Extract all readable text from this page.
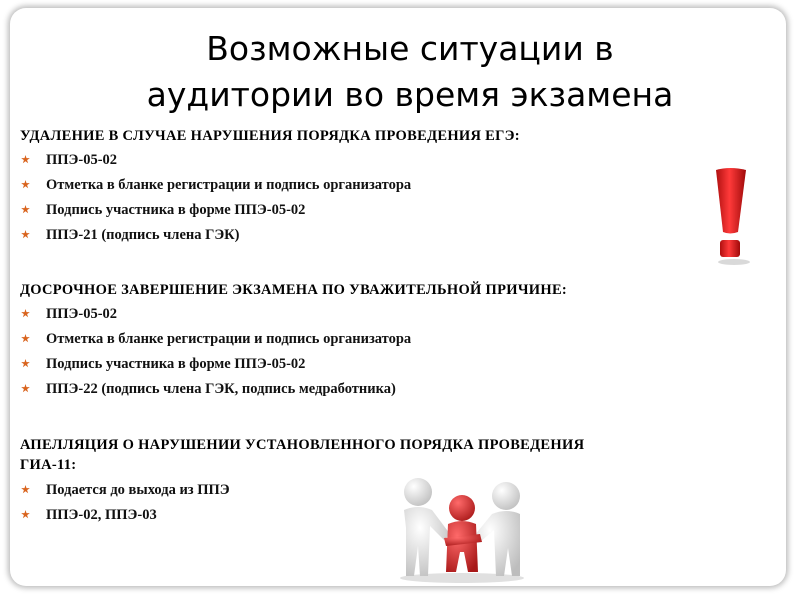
Возможные ситуации в
аудитории во время экзамена
УДАЛЕНИЕ В СЛУЧАЕ НАРУШЕНИЯ ПОРЯДКА ПРОВЕДЕНИЯ ЕГЭ:
ППЭ-05-02
Отметка в бланке регистрации и подпись организатора
Подпись участника в форме ППЭ-05-02
ППЭ-21 (подпись члена ГЭК)
ДОСРОЧНОЕ ЗАВЕРШЕНИЕ ЭКЗАМЕНА ПО УВАЖИТЕЛЬНОЙ ПРИЧИНЕ:
ППЭ-05-02
Отметка в бланке регистрации и подпись организатора
Подпись участника в форме ППЭ-05-02
ППЭ-22 (подпись члена ГЭК, подпись медработника)
АПЕЛЛЯЦИЯ О НАРУШЕНИИ УСТАНОВЛЕННОГО ПОРЯДКА ПРОВЕДЕНИЯ
ГИА-11:
Подается до выхода из ППЭ
ППЭ-02, ППЭ-03
